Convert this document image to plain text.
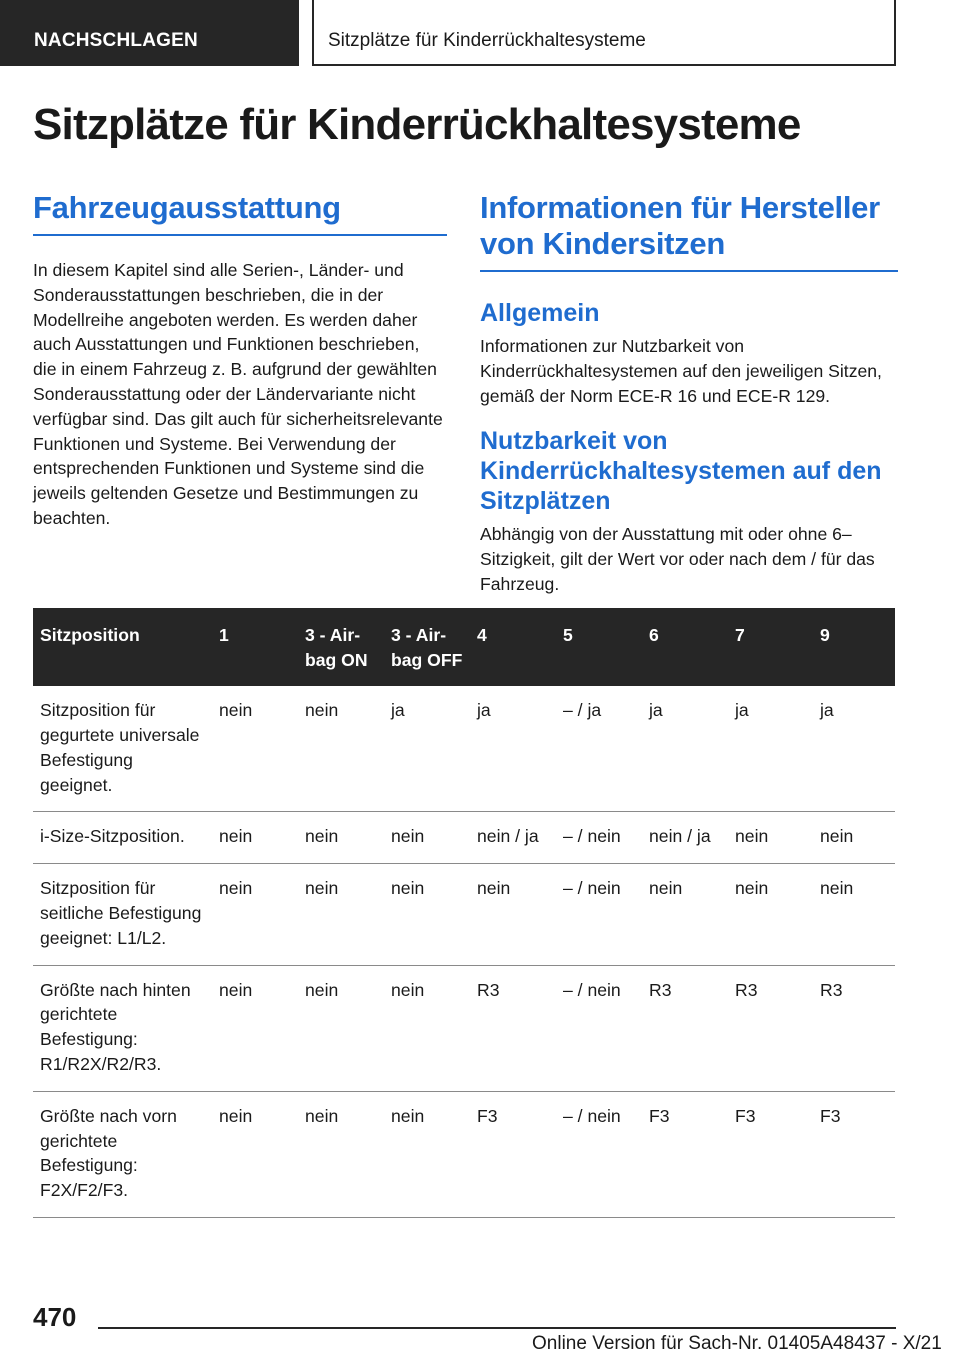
NACHSCHLAGEN	Sitzplätze für Kinderrückhaltesysteme
Sitzplätze für Kinderrückhaltesysteme
Fahrzeugausstattung

In diesem Kapitel sind alle Serien-, Länder- und Sonderausstattungen beschrieben, die in der Modellreihe angeboten werden. Es werden daher auch Ausstattungen und Funktionen beschrieben, die in einem Fahrzeug z. B. aufgrund der gewählten Sonderausstattung oder der Ländervariante nicht verfügbar sind. Das gilt auch für sicherheitsrelevante Funktionen und Systeme. Bei Verwendung der entsprechenden Funktionen und Systeme sind die jeweils geltenden Gesetze und Bestimmungen zu beachten.

Informationen für Hersteller von Kindersitzen
Allgemein

Informationen zur Nutzbarkeit von Kinderrückhaltesystemen auf den jeweiligen Sitzen, gemäß der Norm ECE-R 16 und ECE-R 129.

Nutzbarkeit von Kinderrückhaltesystemen auf den Sitzplätzen

Abhängig von der Ausstattung mit oder ohne 6–Sitzigkeit, gilt der Wert vor oder nach dem / für das Fahrzeug.

Sitzposition	1	3 - Air-bag ON	3 - Air-bag OFF	4	5	6	7	9
Sitzposition für gegurtete universale Befestigung geeignet.	nein	nein	ja	ja	– / ja	ja	ja	ja
i-Size-Sitzposition.	nein	nein	nein	nein / ja	– / nein	nein / ja	nein	nein
Sitzposition für seitliche Befestigung geeignet: L1/L2.	nein	nein	nein	nein	– / nein	nein	nein	nein
Größte nach hinten gerichtete Befestigung: R1/R2X/R2/R3.	nein	nein	nein	R3	– / nein	R3	R3	R3
Größte nach vorn gerichtete Befestigung: F2X/F2/F3.	nein	nein	nein	F3	– / nein	F3	F3	F3
470
Online Version für Sach-Nr. 01405A48437 - X/21
